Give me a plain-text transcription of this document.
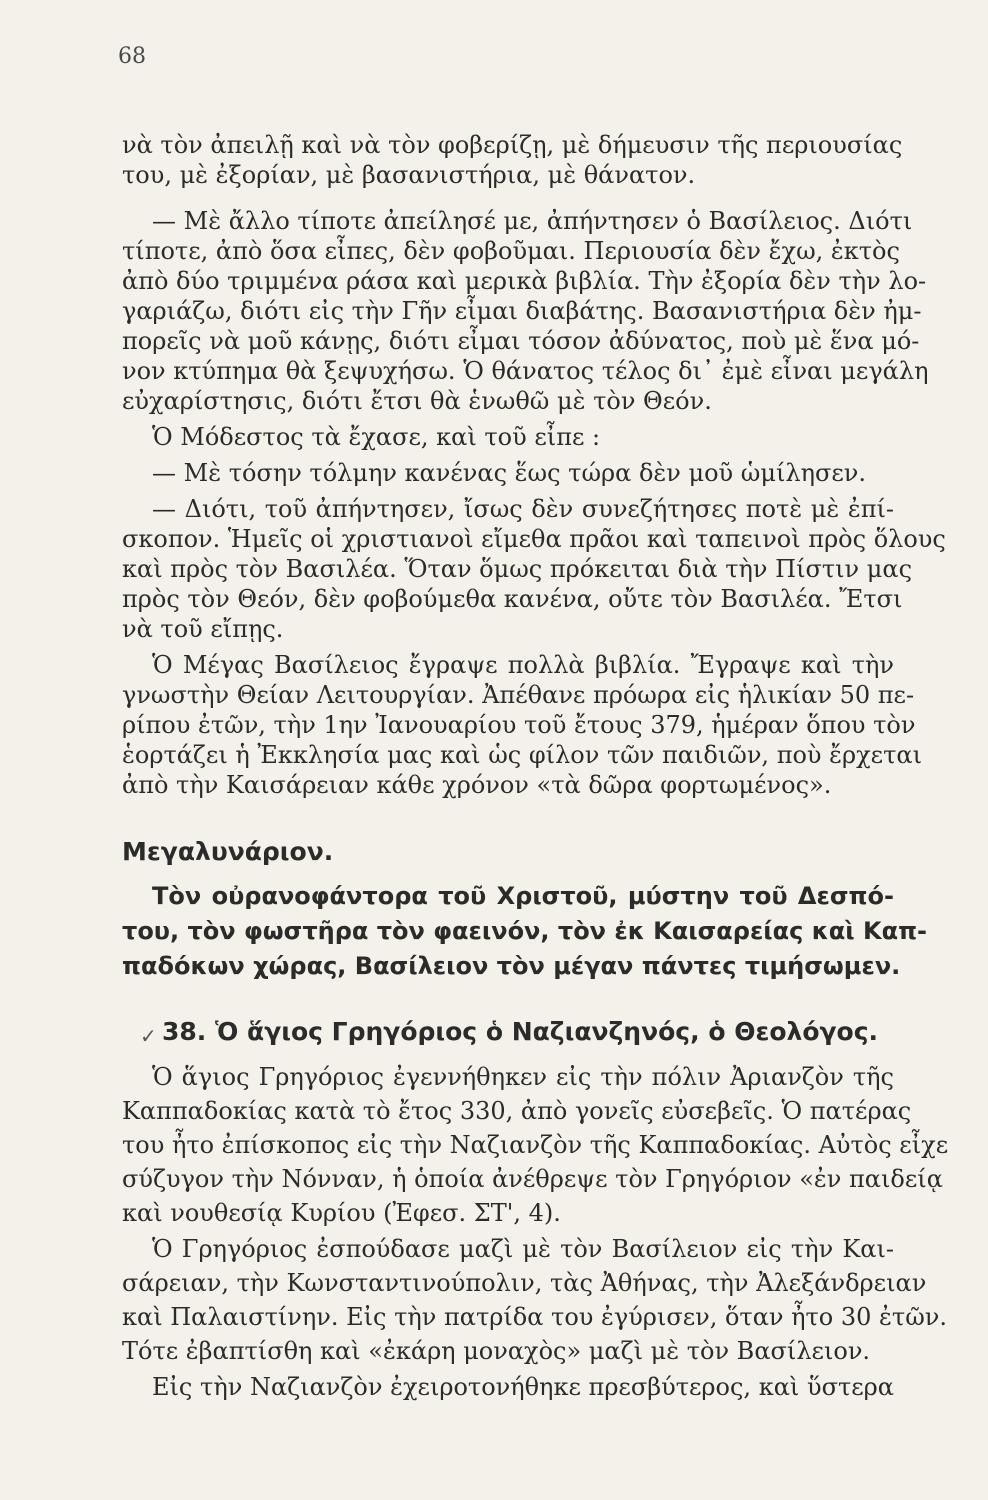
68
νὰ τὸν ἀπειλῇ καὶ νὰ τὸν φοβερίζῃ, μὲ δήμευσιν τῆς περιουσίας
του, μὲ ἐξορίαν, μὲ βασανιστήρια, μὲ θάνατον.
— Μὲ ἄλλο τίποτε ἀπείλησέ με, ἀπήντησεν ὁ Βασίλειος. Διότι
τίποτε, ἀπὸ ὅσα εἶπες, δὲν φοβοῦμαι. Περιουσία δὲν ἔχω, ἐκτὸς
ἀπὸ δύο τριμμένα ράσα καὶ μερικὰ βιβλία. Τὴν ἐξορία δὲν τὴν λο-
γαριάζω, διότι εἰς τὴν Γῆν εἶμαι διαβάτης. Βασανιστήρια δὲν ἠμ-
πορεῖς νὰ μοῦ κάνῃς, διότι εἶμαι τόσον ἀδύνατος, ποὺ μὲ ἕνα μό-
νον κτύπημα θὰ ξεψυχήσω. Ὁ θάνατος τέλος δι᾿ ἐμὲ εἶναι μεγάλη
εὐχαρίστησις, διότι ἔτσι θὰ ἑνωθῶ μὲ τὸν Θεόν.
Ὁ Μόδεστος τὰ ἔχασε, καὶ τοῦ εἶπε :
— Μὲ τόσην τόλμην κανένας ἕως τώρα δὲν μοῦ ὡμίλησεν.
— Διότι, τοῦ ἀπήντησεν, ἴσως δὲν συνεζήτησες ποτὲ μὲ ἐπί-
σκοπον. Ἡμεῖς οἱ χριστιανοὶ εἴμεθα πρᾶοι καὶ ταπεινοὶ πρὸς ὅλους
καὶ πρὸς τὸν Βασιλέα. Ὅταν ὅμως πρόκειται διὰ τὴν Πίστιν μας
πρὸς τὸν Θεόν, δὲν φοβούμεθα κανένα, οὔτε τὸν Βασιλέα. Ἔτσι
νὰ τοῦ εἴπῃς.
Ὁ Μέγας Βασίλειος ἔγραψε πολλὰ βιβλία. Ἔγραψε καὶ τὴν
γνωστὴν Θείαν Λειτουργίαν. Ἀπέθανε πρόωρα εἰς ἡλικίαν 50 πε-
ρίπου ἐτῶν, τὴν 1ην Ἰανουαρίου τοῦ ἔτους 379, ἡμέραν ὅπου τὸν
ἑορτάζει ἡ Ἐκκλησία μας καὶ ὡς φίλον τῶν παιδιῶν, ποὺ ἔρχεται
ἀπὸ τὴν Καισάρειαν κάθε χρόνον «τὰ δῶρα φορτωμένος».
Μεγαλυνάριον.
Τὸν οὐρανοφάντορα τοῦ Χριστοῦ, μύστην τοῦ Δεσπό-
του, τὸν φωστῆρα τὸν φαεινόν, τὸν ἐκ Καισαρείας καὶ Καπ-
παδόκων χώρας, Βασίλειον τὸν μέγαν πάντες τιμήσωμεν.
✓ 38. Ὁ ἅγιος Γρηγόριος ὁ Ναζιανζηνός, ὁ Θεολόγος.
Ὁ ἅγιος Γρηγόριος ἐγεννήθηκεν εἰς τὴν πόλιν Ἀριανζὸν τῆς
Καππαδοκίας κατὰ τὸ ἔτος 330, ἀπὸ γονεῖς εὐσεβεῖς. Ὁ πατέρας
του ἦτο ἐπίσκοπος εἰς τὴν Ναζιανζὸν τῆς Καππαδοκίας. Αὐτὸς εἶχε
σύζυγον τὴν Νόνναν, ἡ ὁποία ἀνέθρεψε τὸν Γρηγόριον «ἐν παιδείᾳ
καὶ νουθεσίᾳ Κυρίου (Ἐφεσ. ΣΤ', 4).
Ὁ Γρηγόριος ἐσπούδασε μαζὶ μὲ τὸν Βασίλειον εἰς τὴν Και-
σάρειαν, τὴν Κωνσταντινούπολιν, τὰς Ἀθήνας, τὴν Ἀλεξάνδρειαν
καὶ Παλαιστίνην. Εἰς τὴν πατρίδα του ἐγύρισεν, ὅταν ἦτο 30 ἐτῶν.
Τότε ἐβαπτίσθη καὶ «ἐκάρη μοναχὸς» μαζὶ μὲ τὸν Βασίλειον.
Εἰς τὴν Ναζιανζὸν ἐχειροτονήθηκε πρεσβύτερος, καὶ ὕστερα
